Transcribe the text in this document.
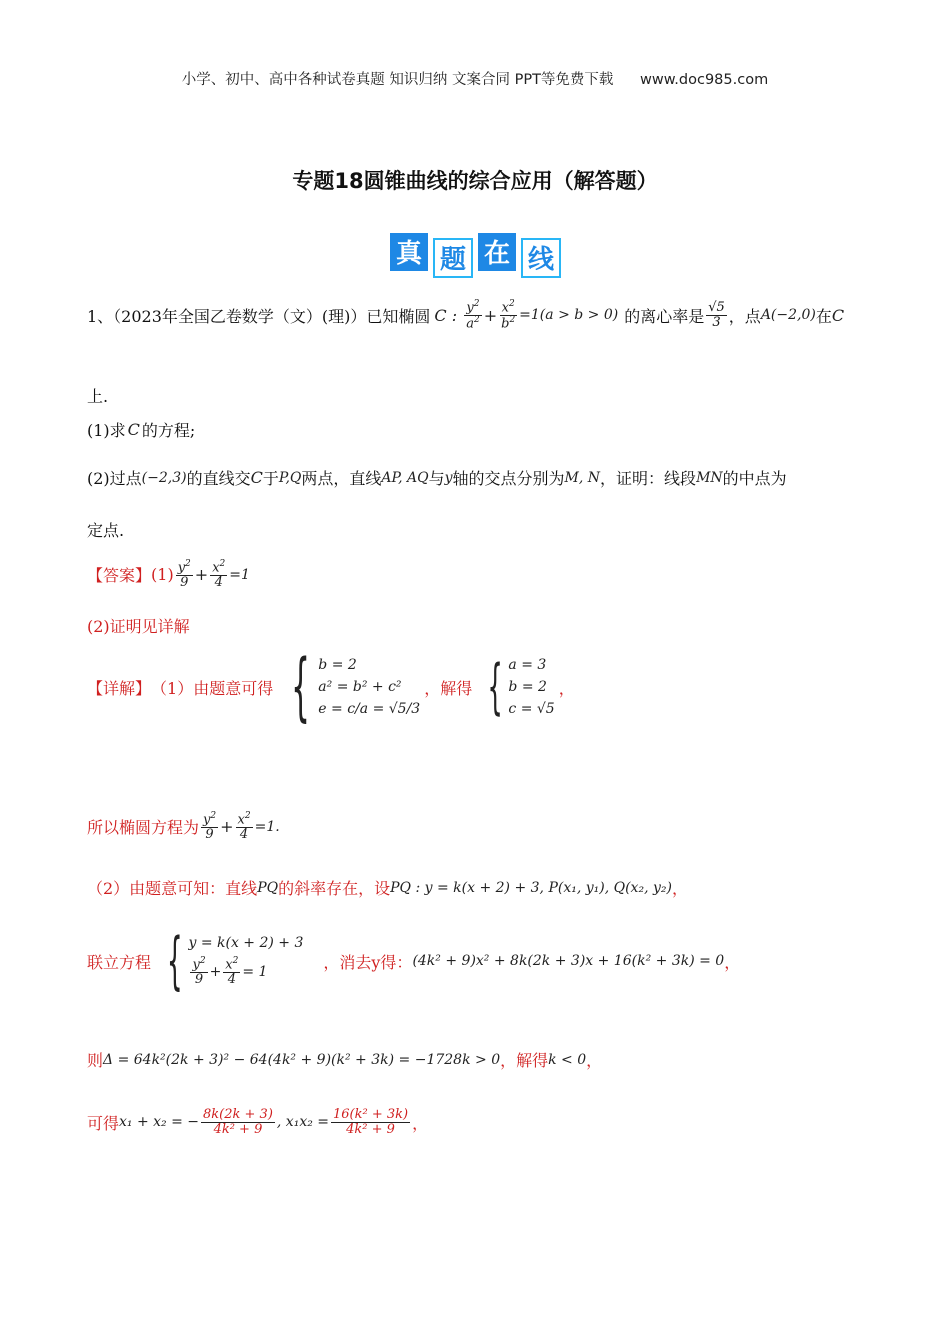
小学、初中、高中各种试卷真题 知识归纳 文案合同 PPT等免费下载 www.doc985.com
专题18圆锥曲线的综合应用（解答题）
真 题 在 线
1、（2023年全国乙卷数学（文）(理)）已知椭圆 C : $\frac{y^2}{a^2} + \frac{x^2}{b^2} =1(a > b > 0)$ 的离心率是 $\frac{√5}{3}$ ，点 A(−2,0) 在 C
上.
(1)求 C 的方程;
(2)过点 (−2,3) 的直线交 C 于 P,Q 两点，直线 AP, AQ 与 y 轴的交点分别为 M, N ，证明：线段 MN 的中点为
定点.
【答案】 $(1) \frac{y^2}{9} + \frac{x^2}{4} =1$
(2)证明见详解
【详解】 （1）由题意可得 { b = 2
a² = b² + c²
e = c/a = √5/3
，解得 { a = 3
b = 2
c = √5
，
所以椭圆方程为 $\frac{y^2}{9} + \frac{x^2}{4} =1$.
（2）由题意可知：直线 PQ 的斜率存在，设 PQ : y = k(x + 2) + 3, P(x₁, y₁), Q(x₂, y₂) ，
联立方程 { y = k(x + 2) + 3
$\frac{y^2}{9} + \frac{x^2}{4} = 1$
，消去y得： (4k² + 9)x² + 8k(2k + 3)x + 16(k² + 3k) = 0 ，
则 Δ = 64k²(2k + 3)² − 64(4k² + 9)(k² + 3k) = −1728k > 0 ，解得 k < 0 ，
可得 x₁ + x₂ = − $\frac{8k(2k + 3)}{\text{4k² + 9}}$ , $x_1x_2 = \frac{\text{16(k² + 3k)}}{\text{4k² + 9}}$ ，
